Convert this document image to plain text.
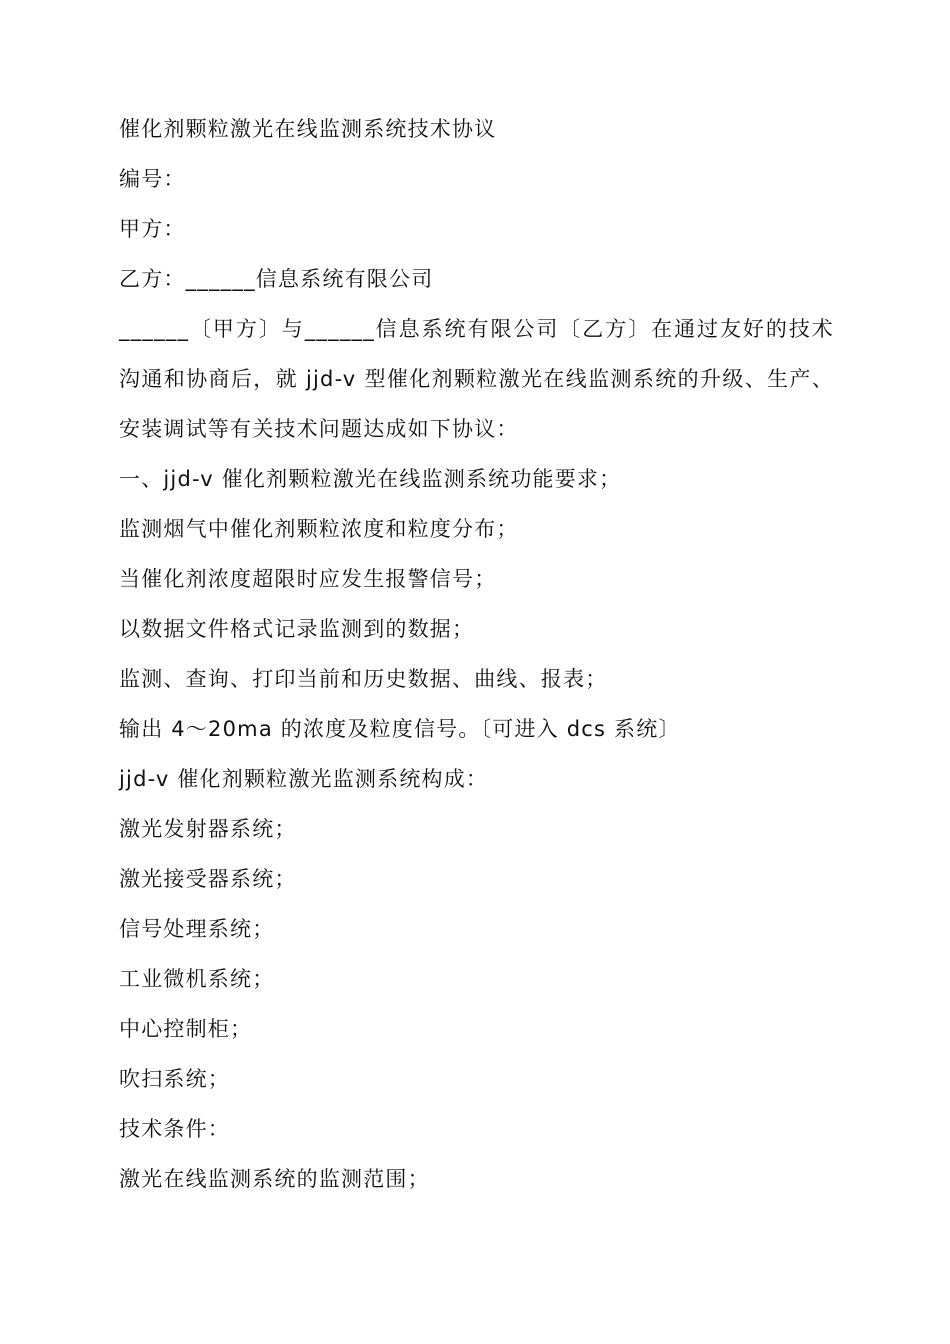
催化剂颗粒激光在线监测系统技术协议

编号：

甲方：

乙方：______信息系统有限公司

______〔甲方〕与______信息系统有限公司〔乙方〕在通过友好的技术沟通和协商后，就 jjd-v 型催化剂颗粒激光在线监测系统的升级、生产、安装调试等有关技术问题达成如下协议：

一、jjd-v 催化剂颗粒激光在线监测系统功能要求；

监测烟气中催化剂颗粒浓度和粒度分布；

当催化剂浓度超限时应发生报警信号；

以数据文件格式记录监测到的数据；

监测、查询、打印当前和历史数据、曲线、报表；

输出 4～20ma 的浓度及粒度信号。〔可进入 dcs 系统〕

jjd-v 催化剂颗粒激光监测系统构成：

激光发射器系统；

激光接受器系统；

信号处理系统；

工业微机系统；

中心控制柜；

吹扫系统；

技术条件：

激光在线监测系统的监测范围；
